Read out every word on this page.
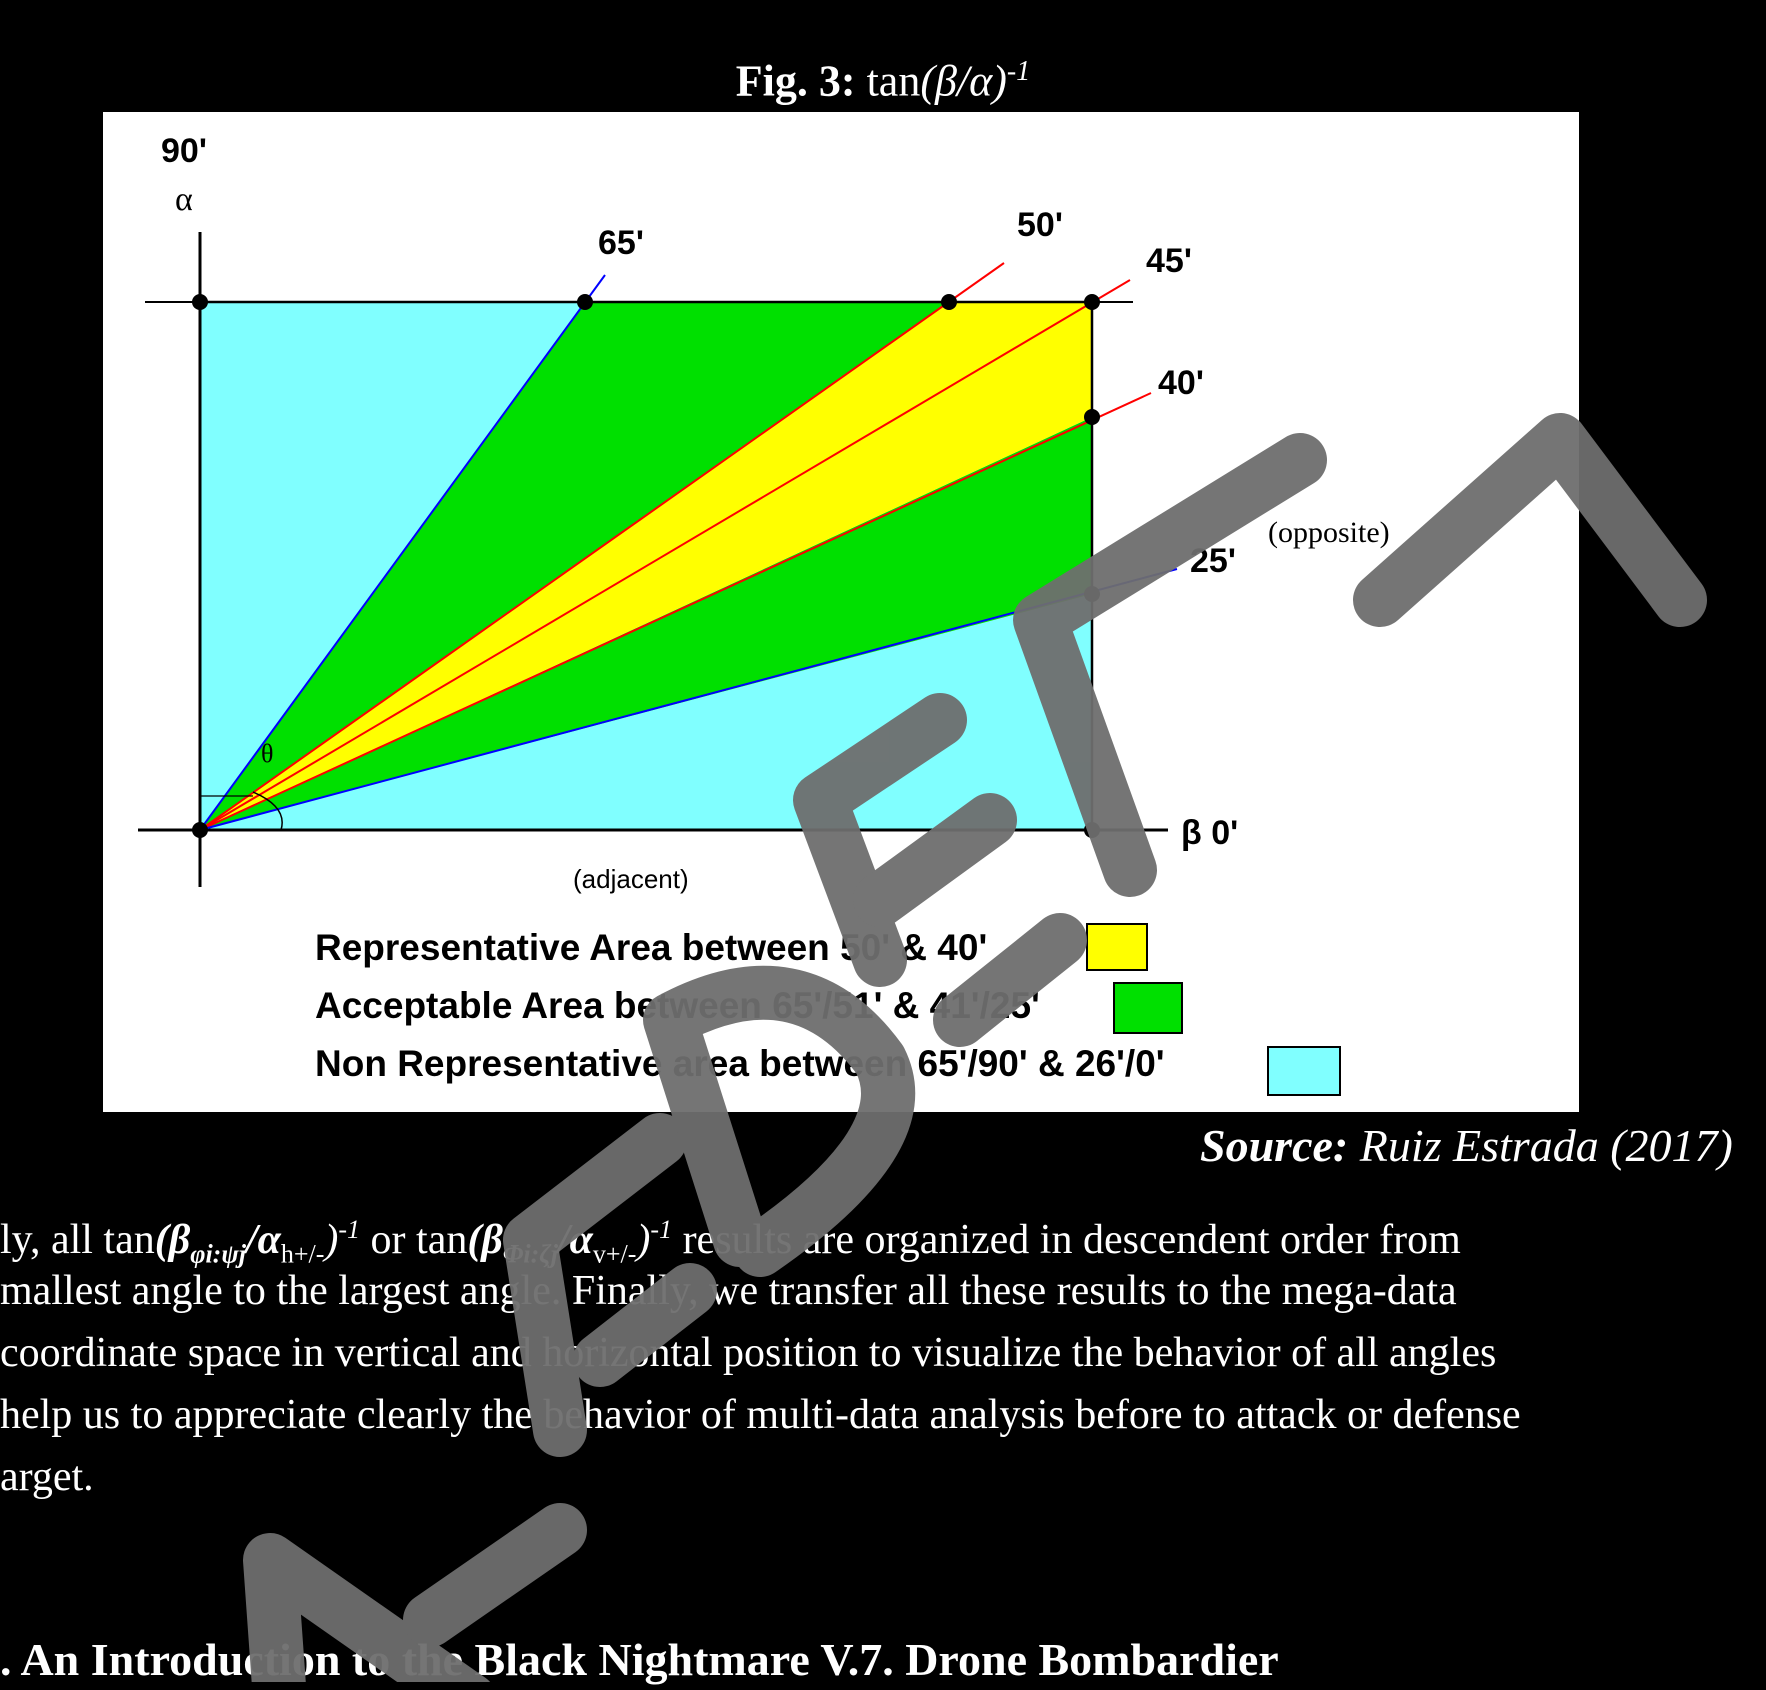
Fig. 3: $\tan(\beta/\alpha)^{-1}$
90'
α
65'	50'
45'
40'
25'
β 0'
(opposite)
(adjacent)
θ
Representative Area between 50' & 40'
Acceptable Area between 65'/51' & 41'/25'
Non Representative area between 65'/90' & 26'/0'
Source: Ruiz Estrada (2017)
ly, all $\tan(\beta_{\varphi i:\psi j}/\alpha_{h+/-})^{-1}$ or $\tan(\beta_{\Phi i:\zeta j}/\alpha_{v+/-})^{-1}$ results are organized in descendent order from
mallest angle to the largest angle. Finally, we transfer all these results to the mega-data
coordinate space in vertical and horizontal position to visualize the behavior of all angles
help us to appreciate clearly the behavior of multi-data analysis before to attack or defense
arget.
. An Introduction to the Black Nightmare V.7. Drone Bombardier
